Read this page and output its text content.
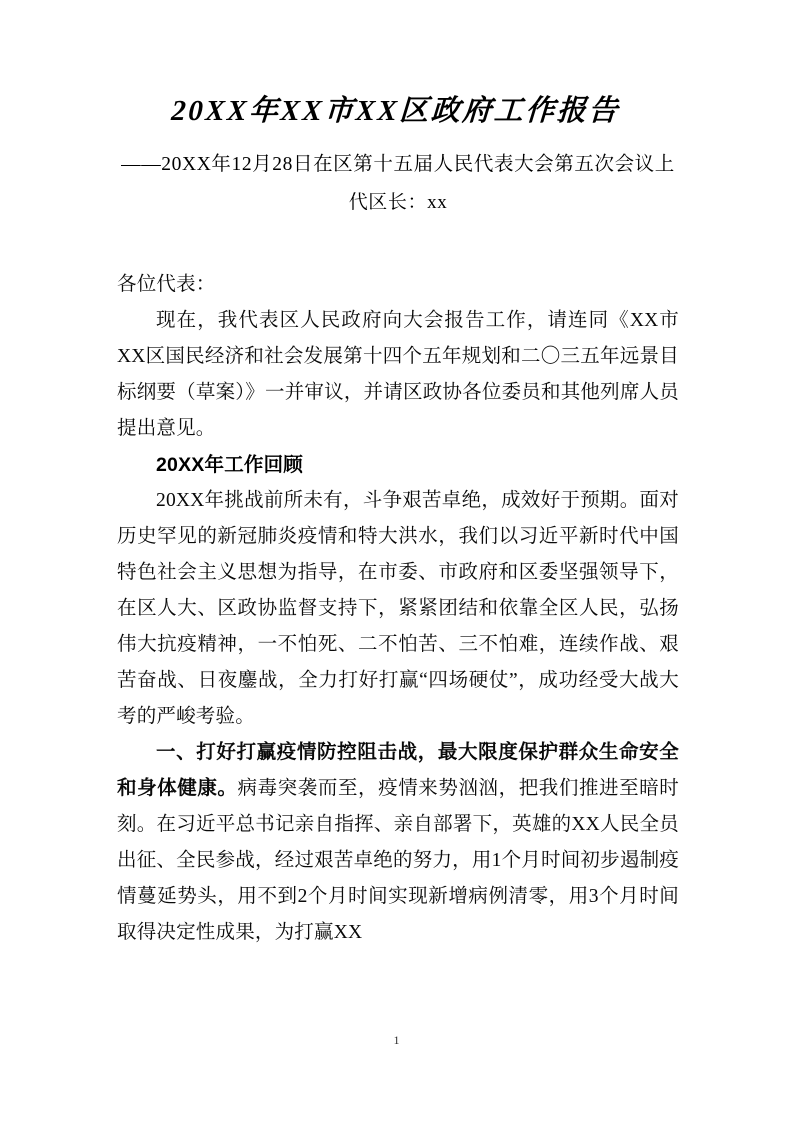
20XX年XX市XX区政府工作报告

——20XX年12月28日在区第十五届人民代表大会第五次会议上

代区长：xx

各位代表：

现在，我代表区人民政府向大会报告工作，请连同《XX市XX区国民经济和社会发展第十四个五年规划和二〇三五年远景目标纲要（草案）》一并审议，并请区政协各位委员和其他列席人员提出意见。

20XX年工作回顾

20XX年挑战前所未有，斗争艰苦卓绝，成效好于预期。面对历史罕见的新冠肺炎疫情和特大洪水，我们以习近平新时代中国特色社会主义思想为指导，在市委、市政府和区委坚强领导下，在区人大、区政协监督支持下，紧紧团结和依靠全区人民，弘扬伟大抗疫精神，一不怕死、二不怕苦、三不怕难，连续作战、艰苦奋战、日夜鏖战，全力打好打赢“四场硬仗”，成功经受大战大考的严峻考验。

一、打好打赢疫情防控阻击战，最大限度保护群众生命安全和身体健康。病毒突袭而至，疫情来势汹汹，把我们推进至暗时刻。在习近平总书记亲自指挥、亲自部署下，英雄的XX人民全员出征、全民参战，经过艰苦卓绝的努力，用1个月时间初步遏制疫情蔓延势头，用不到2个月时间实现新增病例清零，用3个月时间取得决定性成果，为打赢XX

1
